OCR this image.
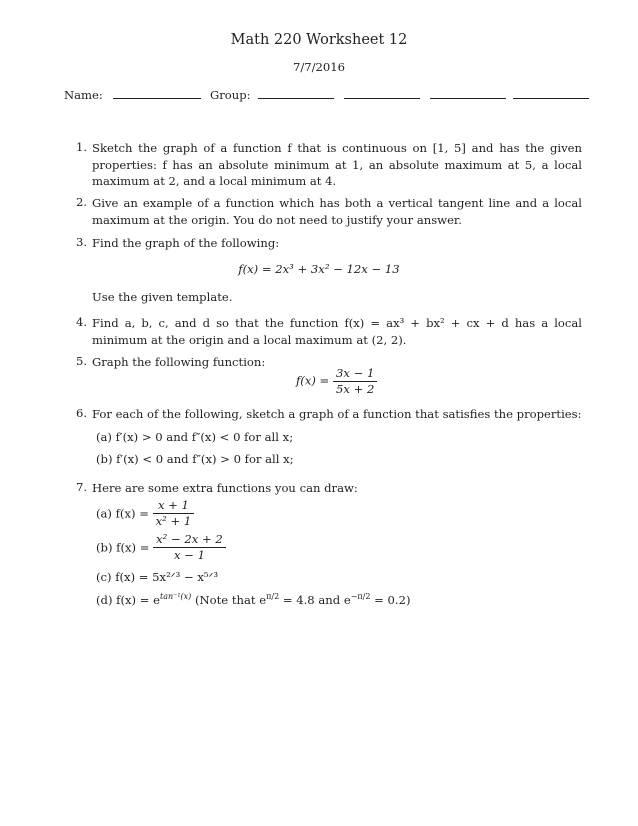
Math 220 Worksheet 12
7/7/2016
Name:	Group:
1. Sketch the graph of a function f that is continuous on [1, 5] and has the given properties: f has an absolute minimum at 1, an absolute maximum at 5, a local maximum at 2, and a local minimum at 4.
2. Give an example of a function which has both a vertical tangent line and a local maximum at the origin. You do not need to justify your answer.
3. Find the graph of the following:
f(x) = 2x³ + 3x² − 12x − 13
Use the given template.
4. Find a, b, c, and d so that the function f(x) = ax³ + bx² + cx + d has a local minimum at the origin and a local maximum at (2, 2).
5. Graph the following function:
$f(x) = \frac{3x - 1}{5x + 2}$
6. For each of the following, sketch a graph of a function that satisfies the properties:
(a) f′(x) > 0 and f″(x) < 0 for all x;
(b) f′(x) < 0 and f″(x) > 0 for all x;
7. Here are some extra functions you can draw:
(a) $f(x) = \frac{x + 1}{\text{x² + 1}}$
(b) $f(x) = \frac{\text{x² − 2x + 2}}{x - 1}$
(c) f(x) = 5x²ᐟ³ − x⁵ᐟ³
(d) $f(x) = e^{tan^{-1}(x)}$ (Note that $e^{\pi/2} = 4.8$ and $e^{-\pi/2} = 0.2$)
